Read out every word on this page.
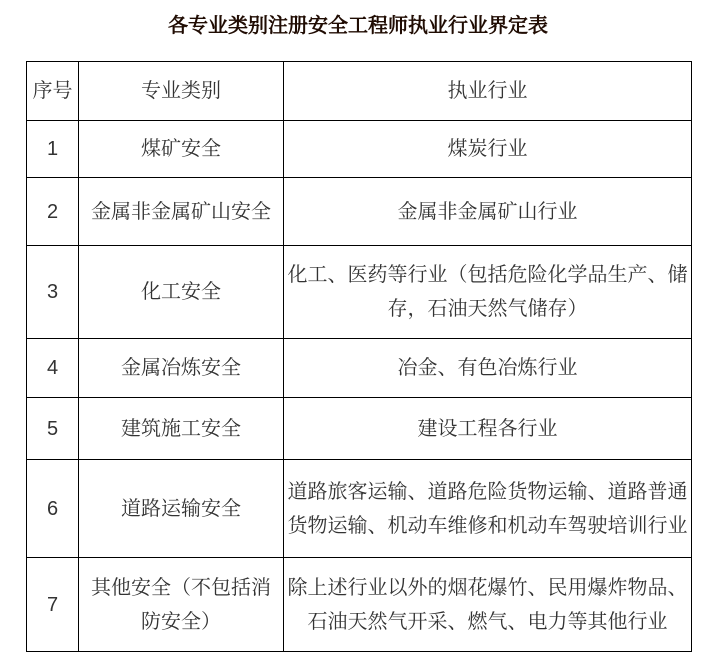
各专业类别注册安全工程师执业行业界定表
序号	专业类别	执业行业
1	煤矿安全	煤炭行业
2	金属非金属矿山安全	金属非金属矿山行业
3	化工安全	化工、医药等行业（包括危险化学品生产、储存，石油天然气储存）
4	金属冶炼安全	冶金、有色冶炼行业
5	建筑施工安全	建设工程各行业
6	道路运输安全	道路旅客运输、道路危险货物运输、道路普通货物运输、机动车维修和机动车驾驶培训行业
7	其他安全（不包括消防安全）	除上述行业以外的烟花爆竹、民用爆炸物品、石油天然气开采、燃气、电力等其他行业
